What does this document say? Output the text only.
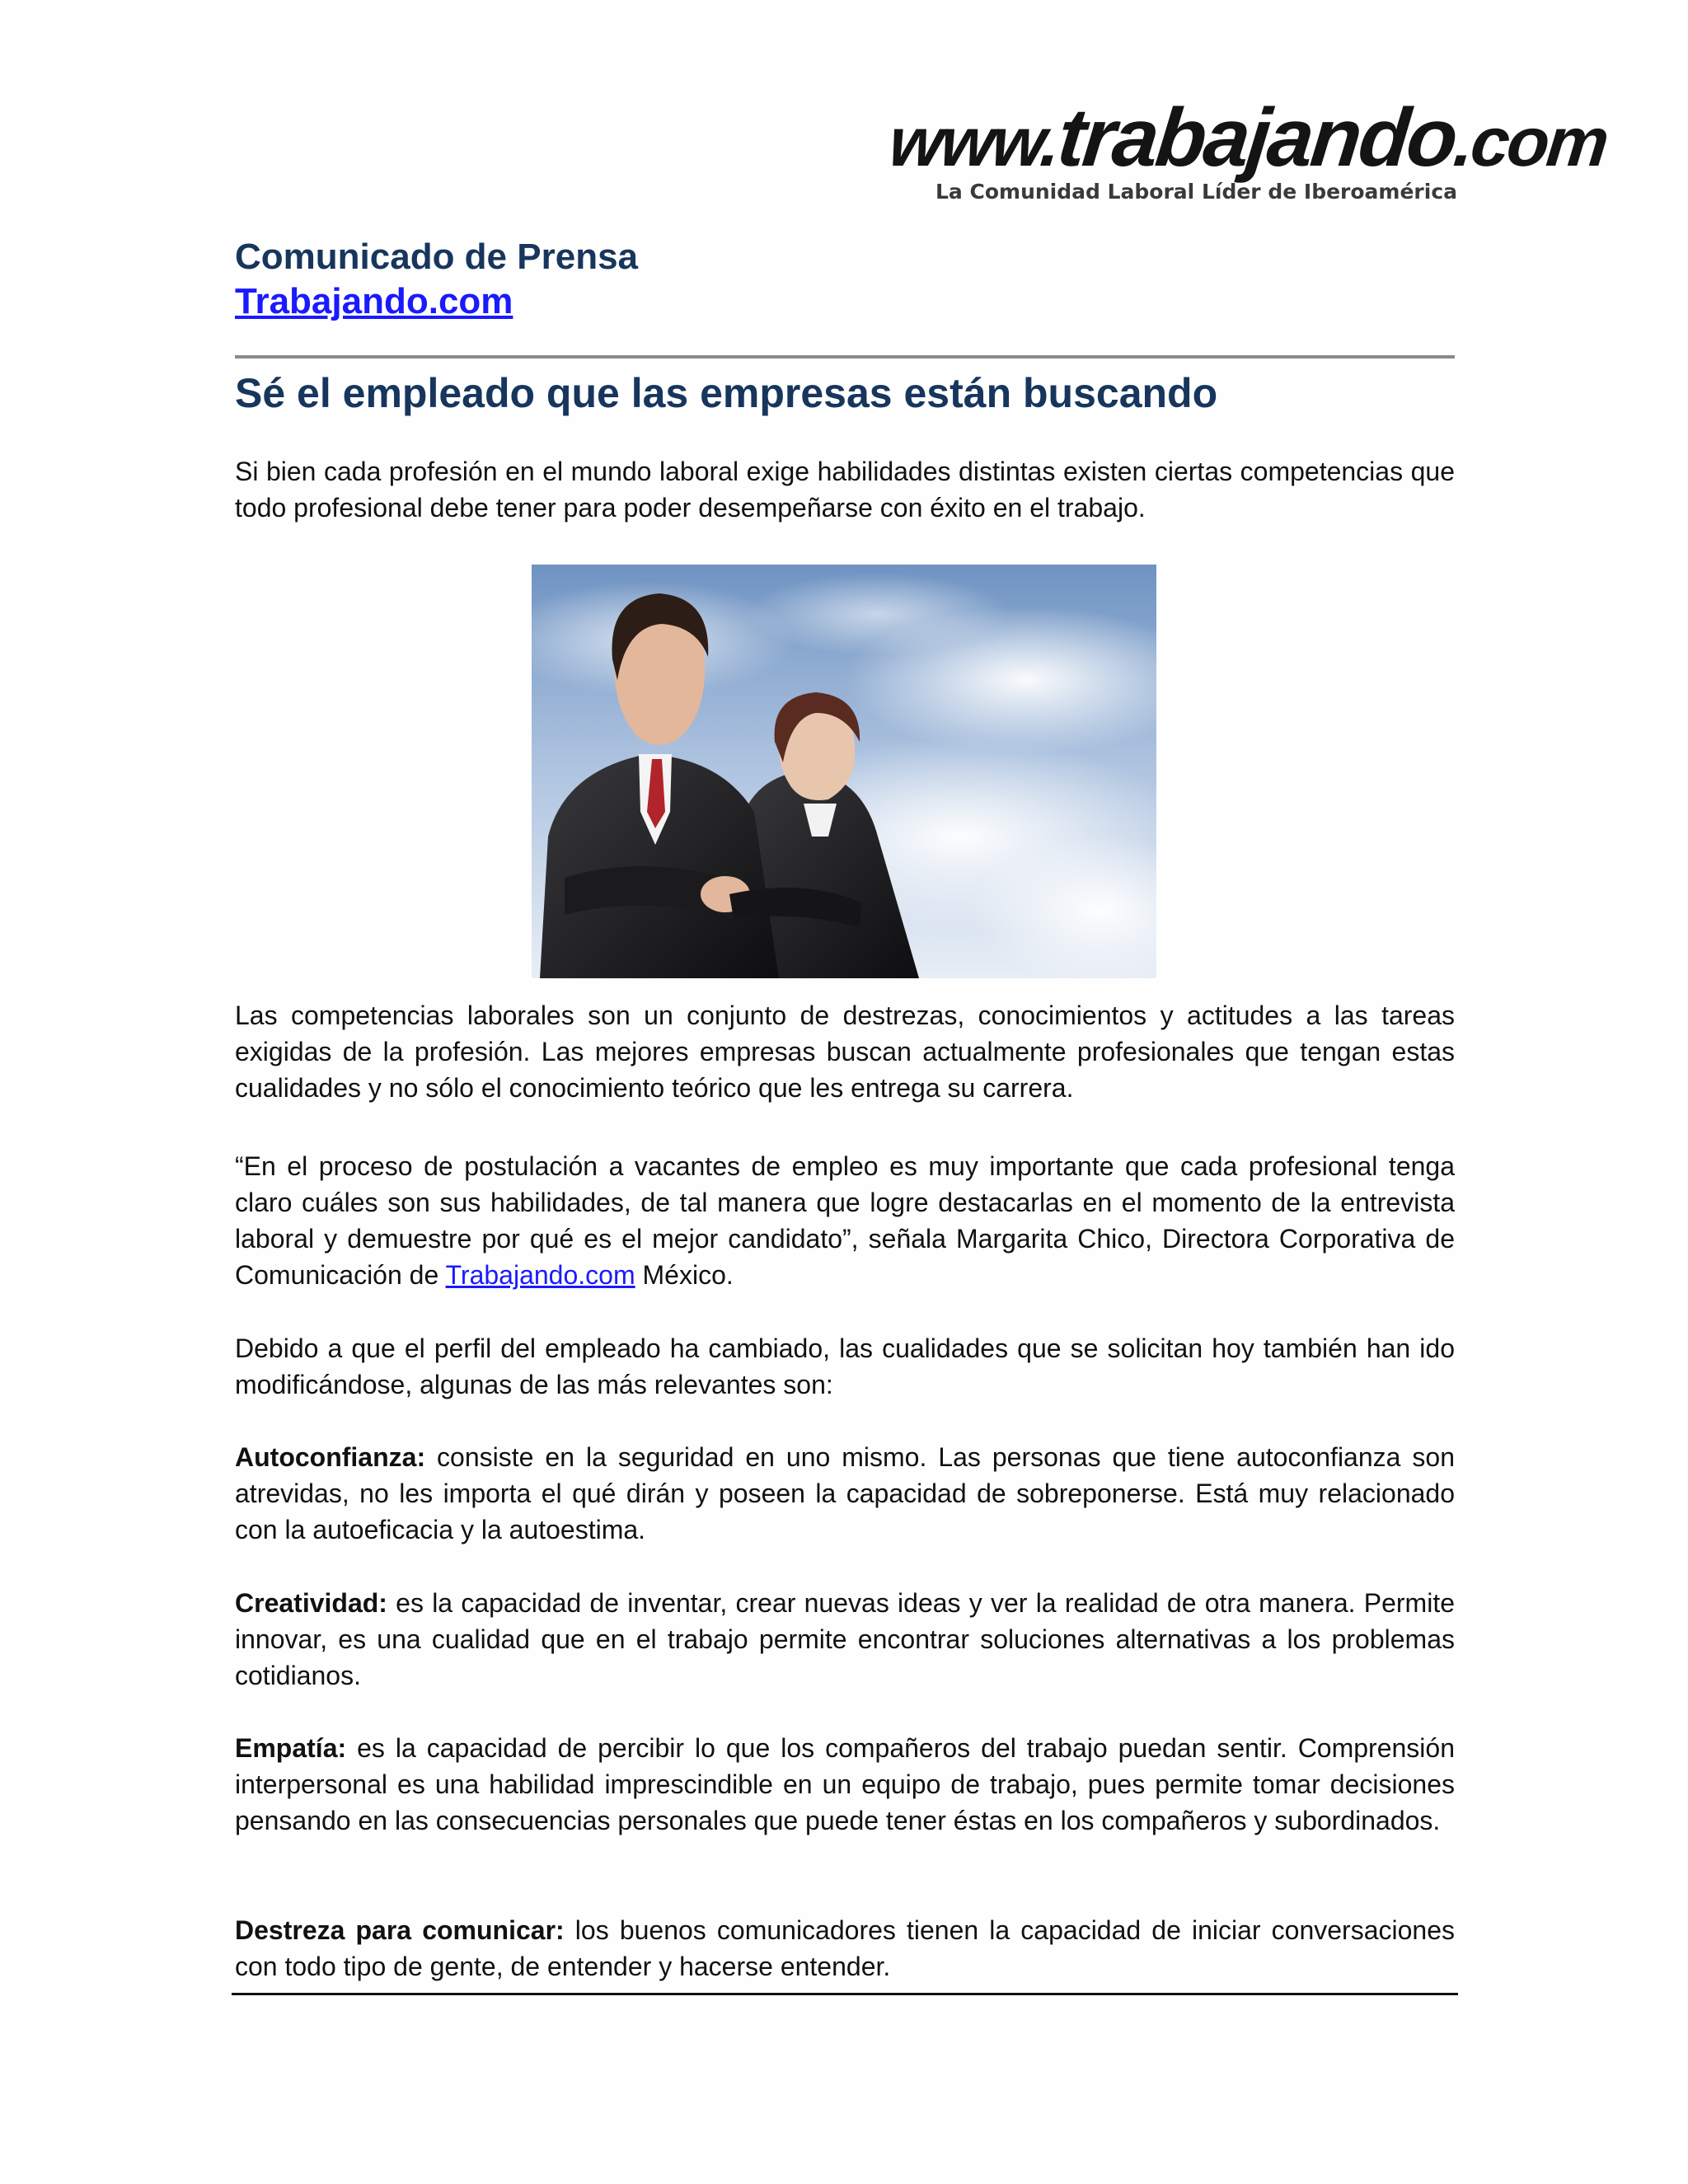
www.trabajando.com
La Comunidad Laboral Líder de Iberoamérica
Comunicado de Prensa
Trabajando.com
Sé el empleado que las empresas están buscando
Si bien cada profesión en el mundo laboral exige habilidades distintas existen ciertas competencias que todo profesional debe tener para poder desempeñarse con éxito en el trabajo.
Las competencias laborales son un conjunto de destrezas, conocimientos y actitudes a las tareas exigidas de la profesión. Las mejores empresas buscan actualmente profesionales que tengan estas cualidades y no sólo el conocimiento teórico que les entrega su carrera.
“En el proceso de postulación a vacantes de empleo es muy importante que cada profesional tenga claro cuáles son sus habilidades, de tal manera que logre destacarlas en el momento de la entrevista laboral y demuestre por qué es el mejor candidato”, señala Margarita Chico, Directora Corporativa de Comunicación de Trabajando.com México.
Debido a que el perfil del empleado ha cambiado, las cualidades que se solicitan hoy también han ido modificándose, algunas de las más relevantes son:
Autoconfianza: consiste en la seguridad en uno mismo. Las personas que tiene autoconfianza son atrevidas, no les importa el qué dirán y poseen la capacidad de sobreponerse. Está muy relacionado con la autoeficacia y la autoestima.
Creatividad: es la capacidad de inventar, crear nuevas ideas y ver la realidad de otra manera. Permite innovar, es una cualidad que en el trabajo permite encontrar soluciones alternativas a los problemas cotidianos.
Empatía: es la capacidad de percibir lo que los compañeros del trabajo puedan sentir. Comprensión interpersonal es una habilidad imprescindible en un equipo de trabajo, pues permite tomar decisiones pensando en las consecuencias personales que puede tener éstas en los compañeros y subordinados.
Destreza para comunicar: los buenos comunicadores tienen la capacidad de iniciar conversaciones con todo tipo de gente, de entender y hacerse entender.
